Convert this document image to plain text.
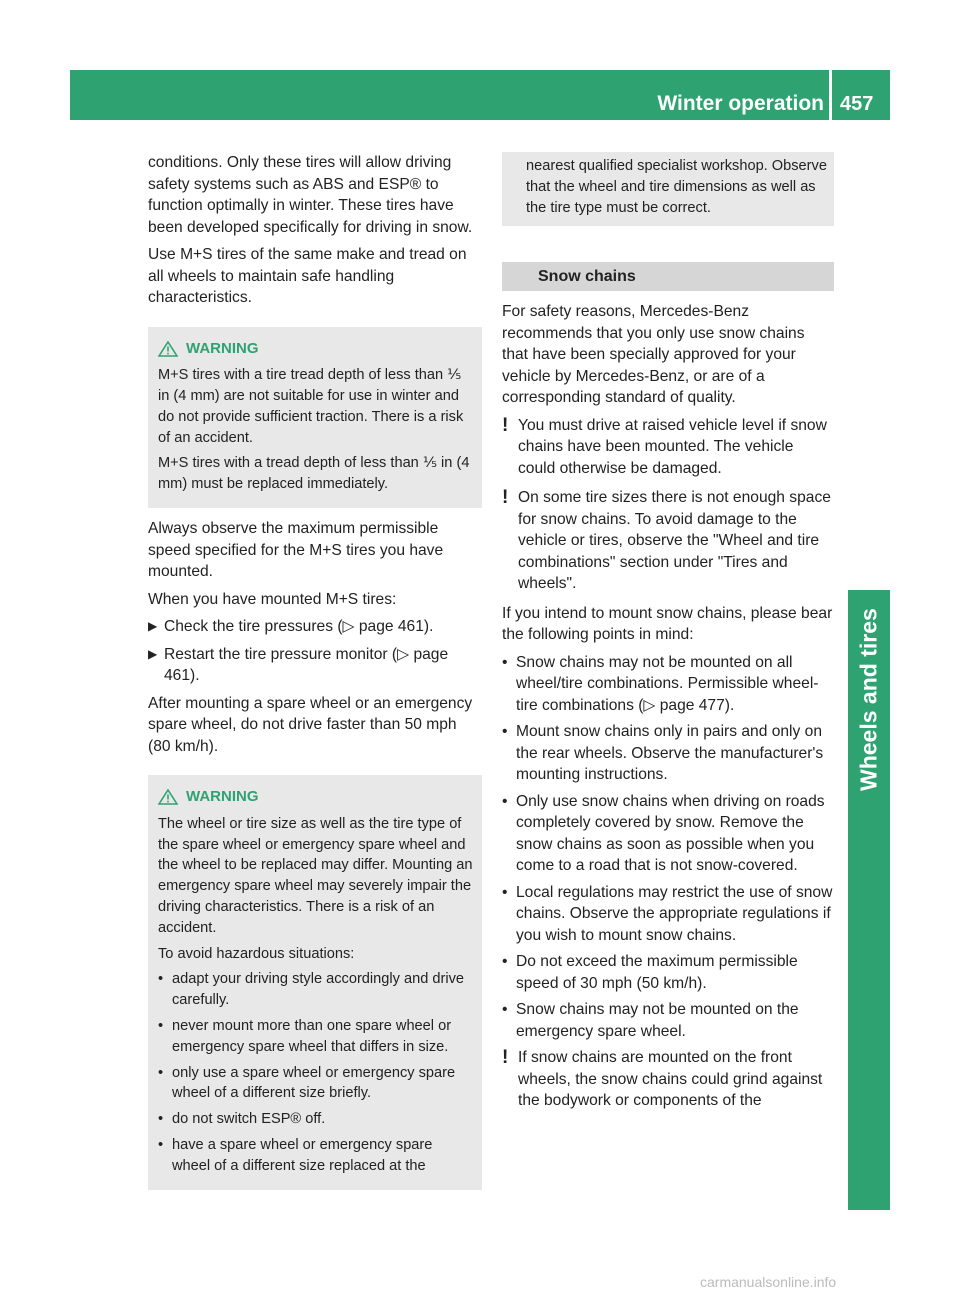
Winter operation 457
Wheels and tires

conditions. Only these tires will allow driving safety systems such as ABS and ESP® to function optimally in winter. These tires have been developed specifically for driving in snow.

Use M+S tires of the same make and tread on all wheels to maintain safe handling characteristics.

WARNING

M+S tires with a tire tread depth of less than ⅕ in (4 mm) are not suitable for use in winter and do not provide sufficient traction. There is a risk of an accident.

M+S tires with a tread depth of less than ⅕ in (4 mm) must be replaced immediately.

Always observe the maximum permissible speed specified for the M+S tires you have mounted.

When you have mounted M+S tires:

▶ Check the tire pressures (▷ page 461).
▶ Restart the tire pressure monitor (▷ page 461).

After mounting a spare wheel or an emergency spare wheel, do not drive faster than 50 mph (80 km/h).

WARNING

The wheel or tire size as well as the tire type of the spare wheel or emergency spare wheel and the wheel to be replaced may differ. Mounting an emergency spare wheel may severely impair the driving characteristics. There is a risk of an accident.

To avoid hazardous situations:

• adapt your driving style accordingly and drive carefully.
• never mount more than one spare wheel or emergency spare wheel that differs in size.
• only use a spare wheel or emergency spare wheel of a different size briefly.
• do not switch ESP® off.
• have a spare wheel or emergency spare wheel of a different size replaced at the
nearest qualified specialist workshop. Observe that the wheel and tire dimensions as well as the tire type must be correct.
Snow chains

For safety reasons, Mercedes-Benz recommends that you only use snow chains that have been specially approved for your vehicle by Mercedes-Benz, or are of a corresponding standard of quality.

! You must drive at raised vehicle level if snow chains have been mounted. The vehicle could otherwise be damaged.
! On some tire sizes there is not enough space for snow chains. To avoid damage to the vehicle or tires, observe the "Wheel and tire combinations" section under "Tires and wheels".

If you intend to mount snow chains, please bear the following points in mind:

• Snow chains may not be mounted on all wheel/tire combinations. Permissible wheel-tire combinations (▷ page 477).
• Mount snow chains only in pairs and only on the rear wheels. Observe the manufacturer's mounting instructions.
• Only use snow chains when driving on roads completely covered by snow. Remove the snow chains as soon as possible when you come to a road that is not snow-covered.
• Local regulations may restrict the use of snow chains. Observe the appropriate regulations if you wish to mount snow chains.
• Do not exceed the maximum permissible speed of 30 mph (50 km/h).
• Snow chains may not be mounted on the emergency spare wheel.
! If snow chains are mounted on the front wheels, the snow chains could grind against the bodywork or components of the
carmanualsonline.info
